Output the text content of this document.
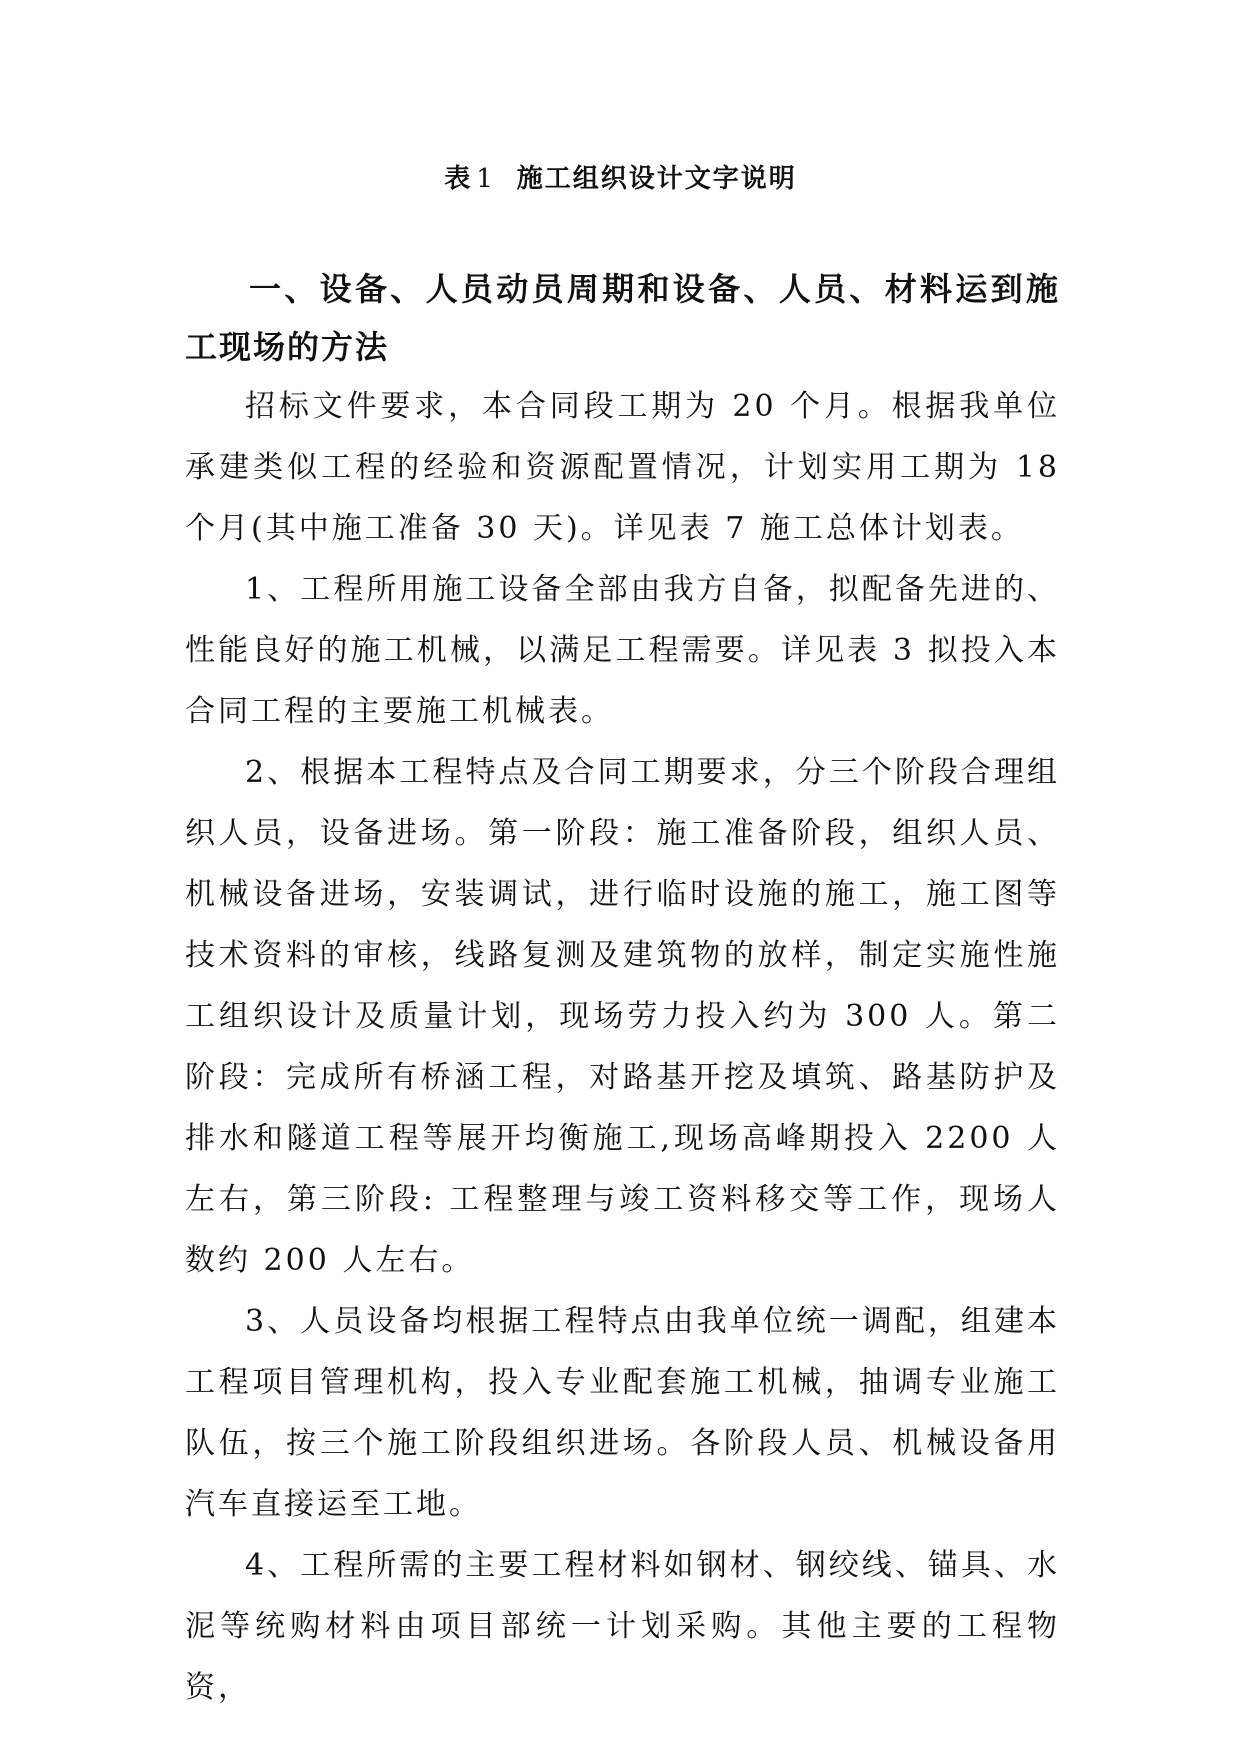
表 1 施工组织设计文字说明

一、设备、人员动员周期和设备、人员、材料运到施工现场的方法

招标文件要求，本合同段工期为 20 个月。根据我单位承建类似工程的经验和资源配置情况，计划实用工期为 18 个月(其中施工准备 30 天)。详见表 7 施工总体计划表。

1、工程所用施工设备全部由我方自备，拟配备先进的、性能良好的施工机械，以满足工程需要。详见表 3 拟投入本合同工程的主要施工机械表。

2、根据本工程特点及合同工期要求，分三个阶段合理组织人员，设备进场。第一阶段：施工准备阶段，组织人员、机械设备进场，安装调试，进行临时设施的施工，施工图等技术资料的审核，线路复测及建筑物的放样，制定实施性施工组织设计及质量计划，现场劳力投入约为 300 人。第二阶段：完成所有桥涵工程，对路基开挖及填筑、路基防护及排水和隧道工程等展开均衡施工,现场高峰期投入 2200 人左右，第三阶段: 工程整理与竣工资料移交等工作，现场人数约 200 人左右。

3、人员设备均根据工程特点由我单位统一调配，组建本工程项目管理机构，投入专业配套施工机械，抽调专业施工队伍，按三个施工阶段组织进场。各阶段人员、机械设备用汽车直接运至工地。

4、工程所需的主要工程材料如钢材、钢绞线、锚具、水泥等统购材料由项目部统一计划采购。其他主要的工程物资，
